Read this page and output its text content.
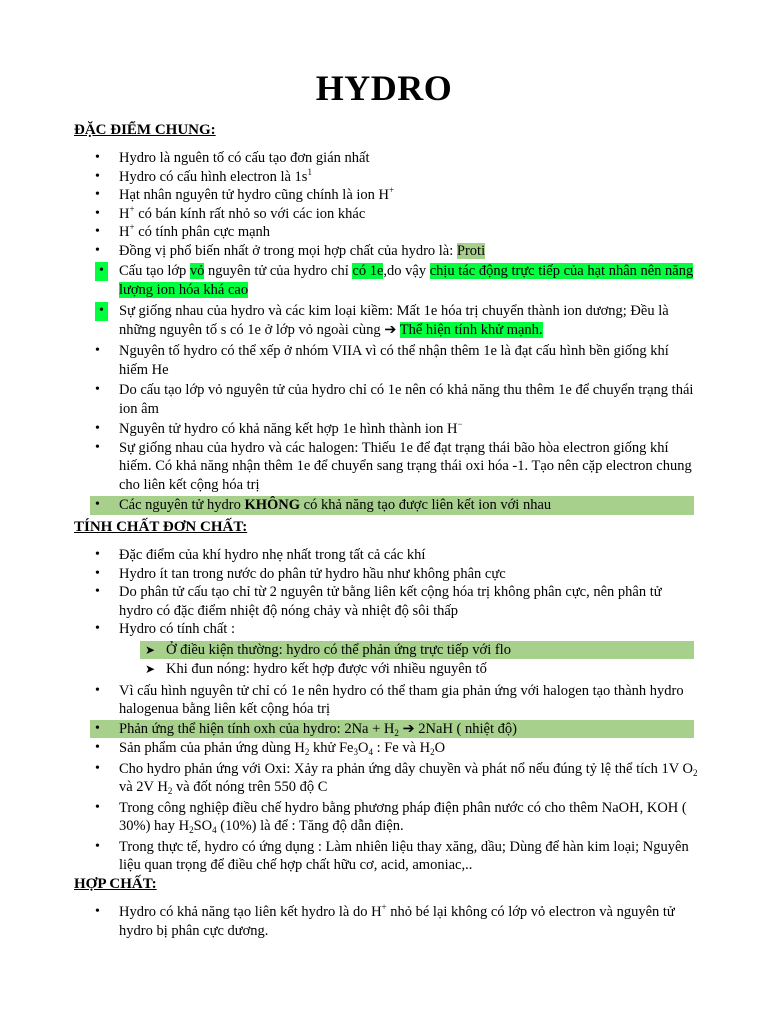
HYDRO

ĐẶC ĐIỂM CHUNG:

• Hydro là nguên tố có cấu tạo đơn gián nhất
• Hydro có cấu hình electron là $1s^1$
• Hạt nhân nguyên tử hydro cũng chính là ion H+
• H+ có bán kính rất nhỏ so với các ion khác
• H+ có tính phân cực mạnh
• Đồng vị phổ biến nhất ở trong mọi hợp chất của hydro là: Proti
• Cấu tạo lớp vỏ nguyên tử của hydro chỉ có 1e,do vậy chịu tác động trực tiếp của hạt nhân nên năng lượng ion hóa khá cao
• Sự giống nhau của hydro và các kim loại kiềm: Mất 1e hóa trị chuyển thành ion dương; Đều là những nguyên tố s có 1e ở lớp vỏ ngoài cùng ➔ Thể hiện tính khử mạnh.
• Nguyên tố hydro có thể xếp ở nhóm VIIA vì có thể nhận thêm 1e là đạt cấu hình bền giống khí hiếm He
• Do cấu tạo lớp vỏ nguyên tử của hydro chỉ có 1e nên có khả năng thu thêm 1e để chuyển trạng thái ion âm
• Nguyên tử hydro có khả năng kết hợp 1e hình thành ion H−
• Sự giống nhau của hydro và các halogen: Thiếu 1e để đạt trạng thái bão hòa electron giống khí hiếm. Có khả năng nhận thêm 1e để chuyển sang trạng thái oxi hóa -1. Tạo nên cặp electron chung cho liên kết cộng hóa trị
• Các nguyên tử hydro KHÔNG có khả năng tạo được liên kết ion với nhau

TÍNH CHẤT ĐƠN CHẤT:

• Đặc điểm của khí hydro nhẹ nhất trong tất cả các khí
• Hydro ít tan trong nước do phân tử hydro hầu như không phân cực
• Do phân tử cấu tạo chỉ từ 2 nguyên tử bằng liên kết cộng hóa trị không phân cực, nên phân tử hydro có đặc điểm nhiệt độ nóng chảy và nhiệt độ sôi thấp
• Hydro có tính chất :
➤ Ở điều kiện thường: hydro có thể phản ứng trực tiếp với flo
➤ Khi đun nóng: hydro kết hợp được với nhiều nguyên tố
• Vì cấu hình nguyên tử chỉ có 1e nên hydro có thể tham gia phản ứng với halogen tạo thành hydro halogenua bằng liên kết cộng hóa trị
• Phản ứng thể hiện tính oxh của hydro: $2Na + H_2$ ➔ 2NaH ( nhiệt độ)
• Sản phẩm của phản ứng dùng $H_2$ khử $Fe_3O_4$ : Fe và $H_2O$
• Cho hydro phản ứng với Oxi: Xảy ra phản ứng dây chuyền và phát nổ nếu đúng tỷ lệ thể tích 1V $O_2$ và 2V $H_2$ và đốt nóng trên 550 độ C
• Trong công nghiệp điều chế hydro bằng phương pháp điện phân nước có cho thêm NaOH, KOH ( 30%) hay $H_2SO_4$ (10%) là để : Tăng độ dẫn điện.
• Trong thực tế, hydro có ứng dụng : Làm nhiên liệu thay xăng, dầu; Dùng để hàn kim loại; Nguyên liệu quan trọng để điều chế hợp chất hữu cơ, acid, amoniac,..

HỢP CHẤT:

• Hydro có khả năng tạo liên kết hydro là do H+ nhỏ bé lại không có lớp vỏ electron và nguyên tử hydro bị phân cực dương.
